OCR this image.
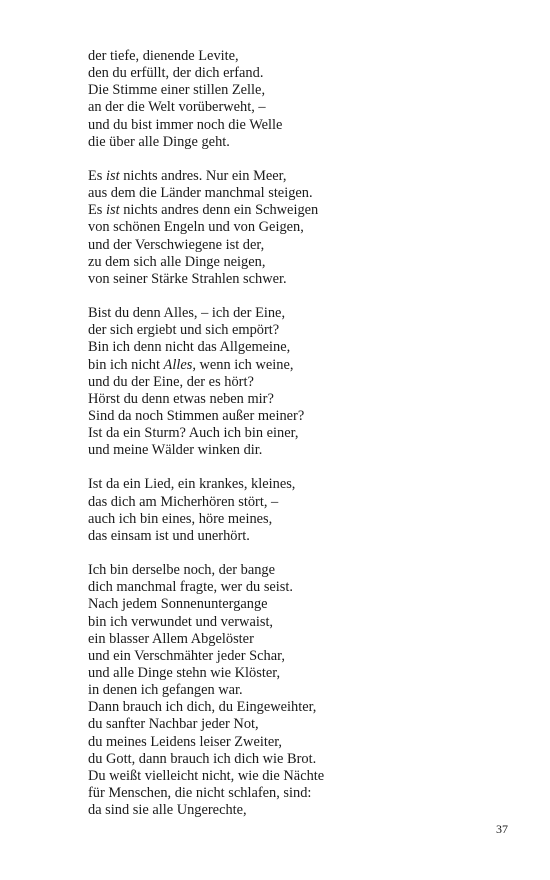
der tiefe, dienende Levite,
den du erfüllt, der dich erfand.
Die Stimme einer stillen Zelle,
an der die Welt vorüberweht, –
und du bist immer noch die Welle
die über alle Dinge geht.
Es ist nichts andres. Nur ein Meer,
aus dem die Länder manchmal steigen.
Es ist nichts andres denn ein Schweigen
von schönen Engeln und von Geigen,
und der Verschwiegene ist der,
zu dem sich alle Dinge neigen,
von seiner Stärke Strahlen schwer.
Bist du denn Alles, – ich der Eine,
der sich ergiebt und sich empört?
Bin ich denn nicht das Allgemeine,
bin ich nicht Alles, wenn ich weine,
und du der Eine, der es hört?
Hörst du denn etwas neben mir?
Sind da noch Stimmen außer meiner?
Ist da ein Sturm? Auch ich bin einer,
und meine Wälder winken dir.
Ist da ein Lied, ein krankes, kleines,
das dich am Micherhören stört, –
auch ich bin eines, höre meines,
das einsam ist und unerhört.
Ich bin derselbe noch, der bange
dich manchmal fragte, wer du seist.
Nach jedem Sonnenuntergange
bin ich verwundet und verwaist,
ein blasser Allem Abgelöster
und ein Verschmähter jeder Schar,
und alle Dinge stehn wie Klöster,
in denen ich gefangen war.
Dann brauch ich dich, du Eingeweihter,
du sanfter Nachbar jeder Not,
du meines Leidens leiser Zweiter,
du Gott, dann brauch ich dich wie Brot.
Du weißt vielleicht nicht, wie die Nächte
für Menschen, die nicht schlafen, sind:
da sind sie alle Ungerechte,
37
